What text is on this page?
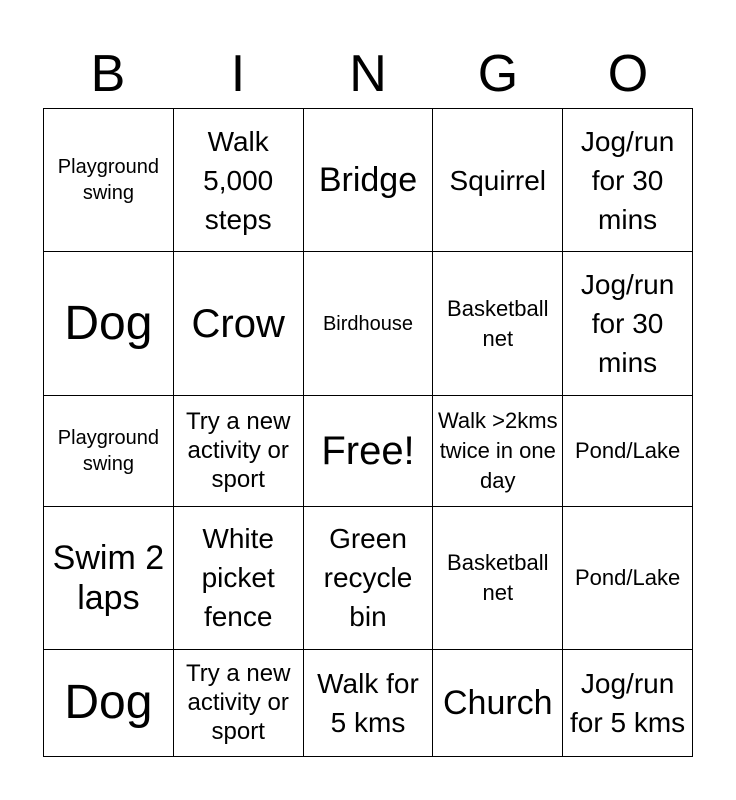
B	I	N	G	O
Playground swing	Walk 5,000 steps	Bridge	Squirrel	Jog/run for 30 mins
Dog	Crow	Birdhouse	Basketball net	Jog/run for 30 mins
Playground swing	Try a new activity or sport	Free!	Walk >2kms twice in one day	Pond/Lake
Swim 2 laps	White picket fence	Green recycle bin	Basketball net	Pond/Lake
Dog	Try a new activity or sport	Walk for 5 kms	Church	Jog/run for 5 kms
